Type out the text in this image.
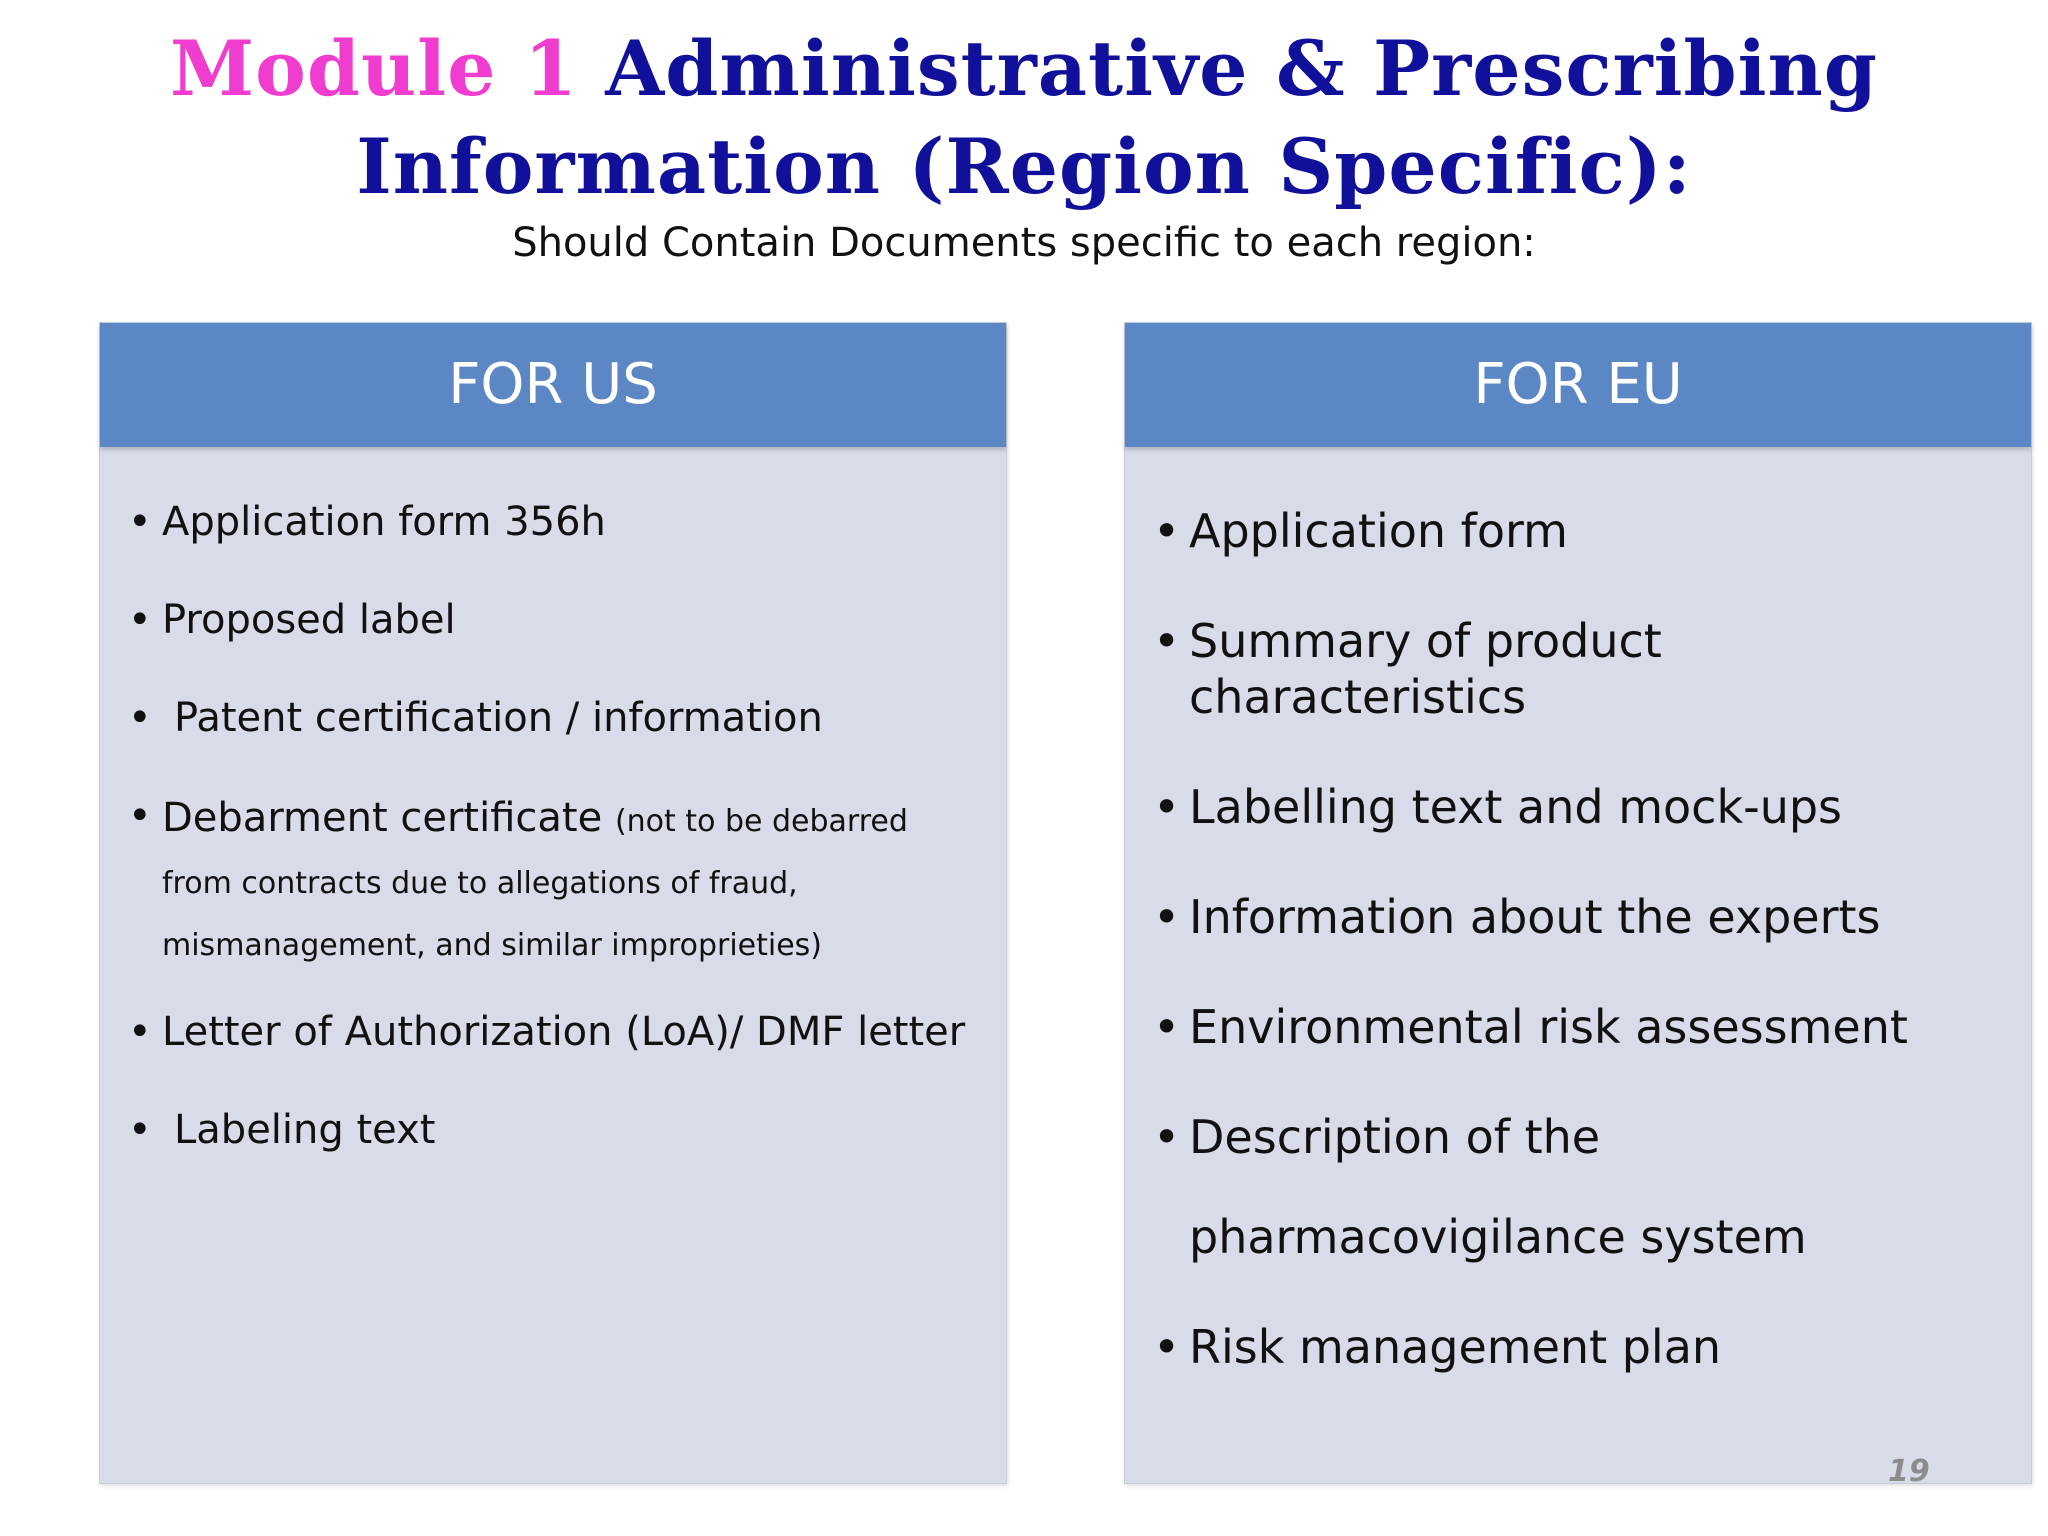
Module 1 Administrative & Prescribing
Information (Region Specific):
Should Contain Documents specific to each region:
FOR US
• Application form 356h
• Proposed label
• Patent certification / information
• Debarment certificate (not to be debarred from contracts due to allegations of fraud, mismanagement, and similar improprieties)
• Letter of Authorization (LoA)/ DMF letter
• Labeling text
FOR EU
• Application form
• Summary of product characteristics
• Labelling text and mock-ups
• Information about the experts
• Environmental risk assessment
• Description of the pharmacovigilance system
• Risk management plan
19
